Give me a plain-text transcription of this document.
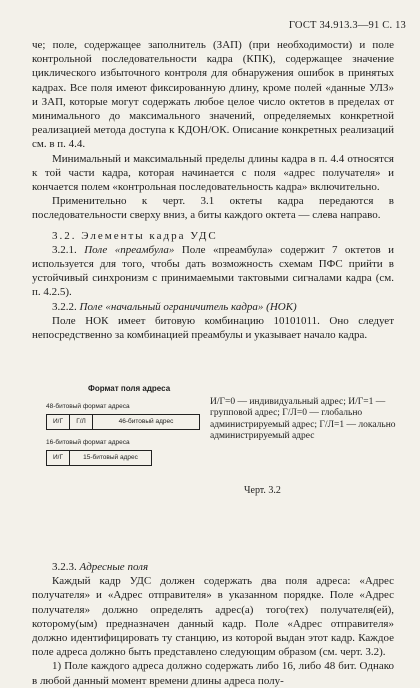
ГОСТ 34.913.3—91 С. 13

че; поле, содержащее заполнитель (ЗАП) (при необходимости) и поле контрольной последовательности кадра (КПК), содержащее значение циклического избыточного контроля для обнаружения ошибок в принятых кадрах. Все поля имеют фиксированную длину, кроме полей «данные УЛЗ» и ЗАП, которые могут содержать любое целое число октетов в пределах от минимального до максимального значений, определяемых конкретной реализацией метода доступа к КДОН/ОК. Описание конкретных реализаций см. в п. 4.4.

Минимальный и максимальный пределы длины кадра в п. 4.4 относятся к той части кадра, которая начинается с поля «адрес получателя» и кончается полем «контрольная последовательность кадра» включительно.

Применительно к черт. 3.1 октеты кадра передаются в последовательности сверху вниз, а биты каждого октета — слева направо.

3.2. Элементы кадра УДС

3.2.1. Поле «преамбула» Поле «преамбула» содержит 7 октетов и используется для того, чтобы дать возможность схемам ПФС прийти в устойчивый синхронизм с принимаемыми тактовыми сигналами кадра (см. п. 4.2.5).

3.2.2. Поле «начальный ограничитель кадра» (НОК)

Поле НОК имеет битовую комбинацию 10101011. Оно следует непосредственно за комбинацией преамбулы и указывает начало кадра.

Формат поля адреса
48-битовый формат адреса
И/Г	Г/Л	46-битовый адрес
16-битовый формат адреса
И/Г	15-битовый адрес
И/Г=0 — индивидуальный адрес; И/Г=1 — групповой адрес; Г/Л=0 — глобально администрируемый адрес; Г/Л=1 — локально администрируемый адрес
Черт. 3.2

3.2.3. Адресные поля

Каждый кадр УДС должен содержать два поля адреса: «Адрес получателя» и «Адрес отправителя» в указанном порядке. Поле «Адрес получателя» должно определять адрес(а) того(тех) получателя(ей), которому(ым) предназначен данный кадр. Поле «Адрес отправителя» должно идентифицировать ту станцию, из которой выдан этот кадр. Каждое поле адреса должно быть представлено следующим образом (см. черт. 3.2).

1) Поле каждого адреса должно содержать либо 16, либо 48 бит. Однако в любой данный момент времени длины адреса полу-
